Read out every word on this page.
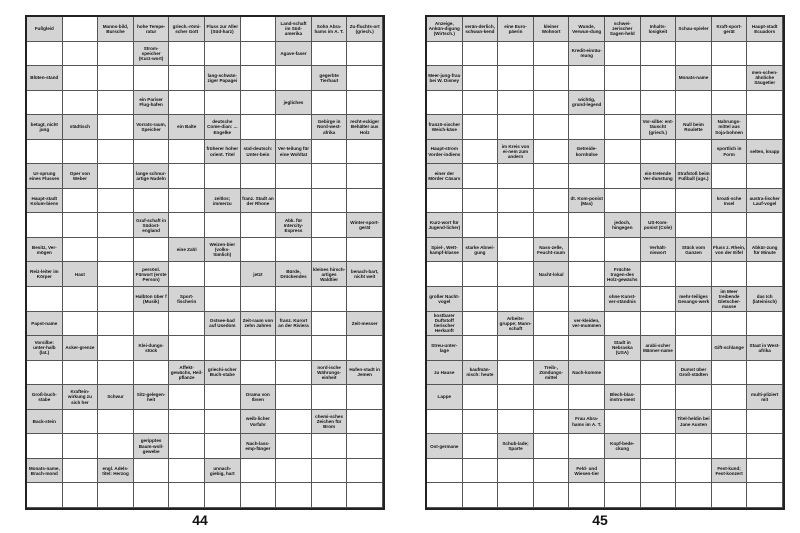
Fußgleid
Manns-​bild, Bursche
hohe Tempe-​ratur
griech.-​römi-​scher Gott
Fluss zur Aller (Süd-​harz)
Land-​schaft im Süd-​amerika
Sohn Abra-​hams im A. T.
Zu-​fluchts-​ort (griech.)
Strom-​speicher (Kurz-​wort)
Agave-​faser
Blüten-​stand
lang-​schwän-​ziger Papagei
gegerbte Tierhaut
ein Pariser Flug-​hafen
jegliches
betagt, nicht jung
städtisch
Vorrats-​raum, Speicher
ein Baltе
deutsche Come-​dian: ... Engelke
Gebirge in Nord-​west-​afrika
recht-​eckiger Behälter aus Holz
früherer hoher orient. Titel
süd-​deutsch: Unter-​bein
Ver-​teilung für eine Wohltat
Ur-​sprung eines Flusses
Oper von Weber
lange schnur-​artige Nudeln
Haupt-​stadt Kolum-​biens
zeitlos; immerzu
franz. Stadt an der Rhone
Graf-​schaft in Südost-​england
Abk. für Intercity-​Express
Winter-​sport-​gerät
Besitz, Ver-​mögen
eine Zahl
Weizen-​bier (volks-​tümlich)
Reiz-​leiter im Körper
Hast
persönl. Fürwort (erste Person)
jetzt
Bürde, Drückendes
kleines hirsch-​artiges Waldtier
benach-​bart, nicht weit
Halbton über f (Musik)
Sport-​fischerin
Papst-​name
Ostsee-​bad auf Usedom
Zeit-​raum von zehn Jahren
franz. Kurort an der Riviera
Zeit-​messer
Vorsilbe: unter-​halb (lat.)
Acker-​grenze
Klei-​dungs-​stück
Affekt-​gewächs, Heil-​pflanze
griechi-​scher Buch-​stabe
nord-​ische Währungs-​einheit
Hafen-​stadt in Jemen
Groß-​buch-​stabe
Kraftein-​wirkung zu sich her
Schwur
Sitz-​gelegen-​heit
Drama von Ibsen
Back-​stein
weib-​licher Vorfahr
chemi-​sches Zeichen für Brom
geripptes Baum-​woll-​gewebe
Nach-​lass-​emp-​fänger
Monats-​name, Brach-​mond
engl. Adels-​titel: Herzog
unnach-​giebig, hart
Anzeige, Ankün-​digung (Wirtsch.)
verän-​derlich, schwan-​kend
eine Euro-​päerin
kleiner Wohnort
Wunde, Verwun-​dung
schwei-​zerischer Sagen-​held
Inhalts-​losigkeit
Schau-​spieler
Kraft-​sport-​gerät
Haupt-​stadt Ecuadors
Kredit-​einräu-​mung
Meer-​jung-​frau bei W. Disney
Monats-​name
men-​schen-​ähnliche Säugetier
wichtig, grund-​legend
franzö-​sischer Weich-​käse
Vor-​silbe: ent-​täuscht (griech.)
Null beim Roulette
Nahrungs-​mittel aus Soja-​bohnen
Haupt-​strom Vorder-​indiens
im Kreis von ei-​nem zum andern
Getreide-​kornhülse
sportlich in Form
selten, knapp
einer der Mörder Cäsars
ein-​tretende Ver-​dunstung
Strafstoß beim Fußball (ugs.)
dt. Kom-​ponist (Max)
kroati-​sche Insel
austra-​lischer Lauf-​vogel
Kurz-​wort für Jugend-​licher)
jedoch, hingegen
US-​Kom-​ponist (Cole)
Spiel-​, Wett-​kampf-​klasse
starke Abnei-​gung
Nass-​zelle, Feucht-​raum
Verhält-​niswort
Stück vom Ganzen
Fluss z. Rhein, von der Eifel
Abkür-​zung für Minute
Nacht-​lokal
Früchte tragen-​des Holz-​gewächs
großer Nacht-​vogel
ohne Kunst-​ver-​ständnis
mehr-​teiliges Gesangs-​werk
im Meer treibende Gletscher-​masse
das Ich (lateinisch)
kostbarer Duftstoff tierischer Herkunft
Arbeits-​gruppe; Mann-​schaft
ver-​kleiden, ver-​mummen
Streu-​unter-​lage
Stadt in Nebraska (USA)
arabi-​scher Männer-​name
Gift-​schlange
Staat in West-​afrika
zu Hause
kaufmän-​nisch: heute
Treib-​, Zündungs-​mittel
Nach-​komme
Dumst über Groß-​städten
Lappe
Blech-​blas-​instru-​ment
multi-​pliziert mit
Frau Abra-​hams im A. T.
Titel-​heldin bei Jane Austen
Ost-​germane
Schub-​lade; Sparte
Kopf-​bede-​ckung
Feld-​ und Wiesen-​tier
Fest-​kund; Fest-​konzert
44	45
